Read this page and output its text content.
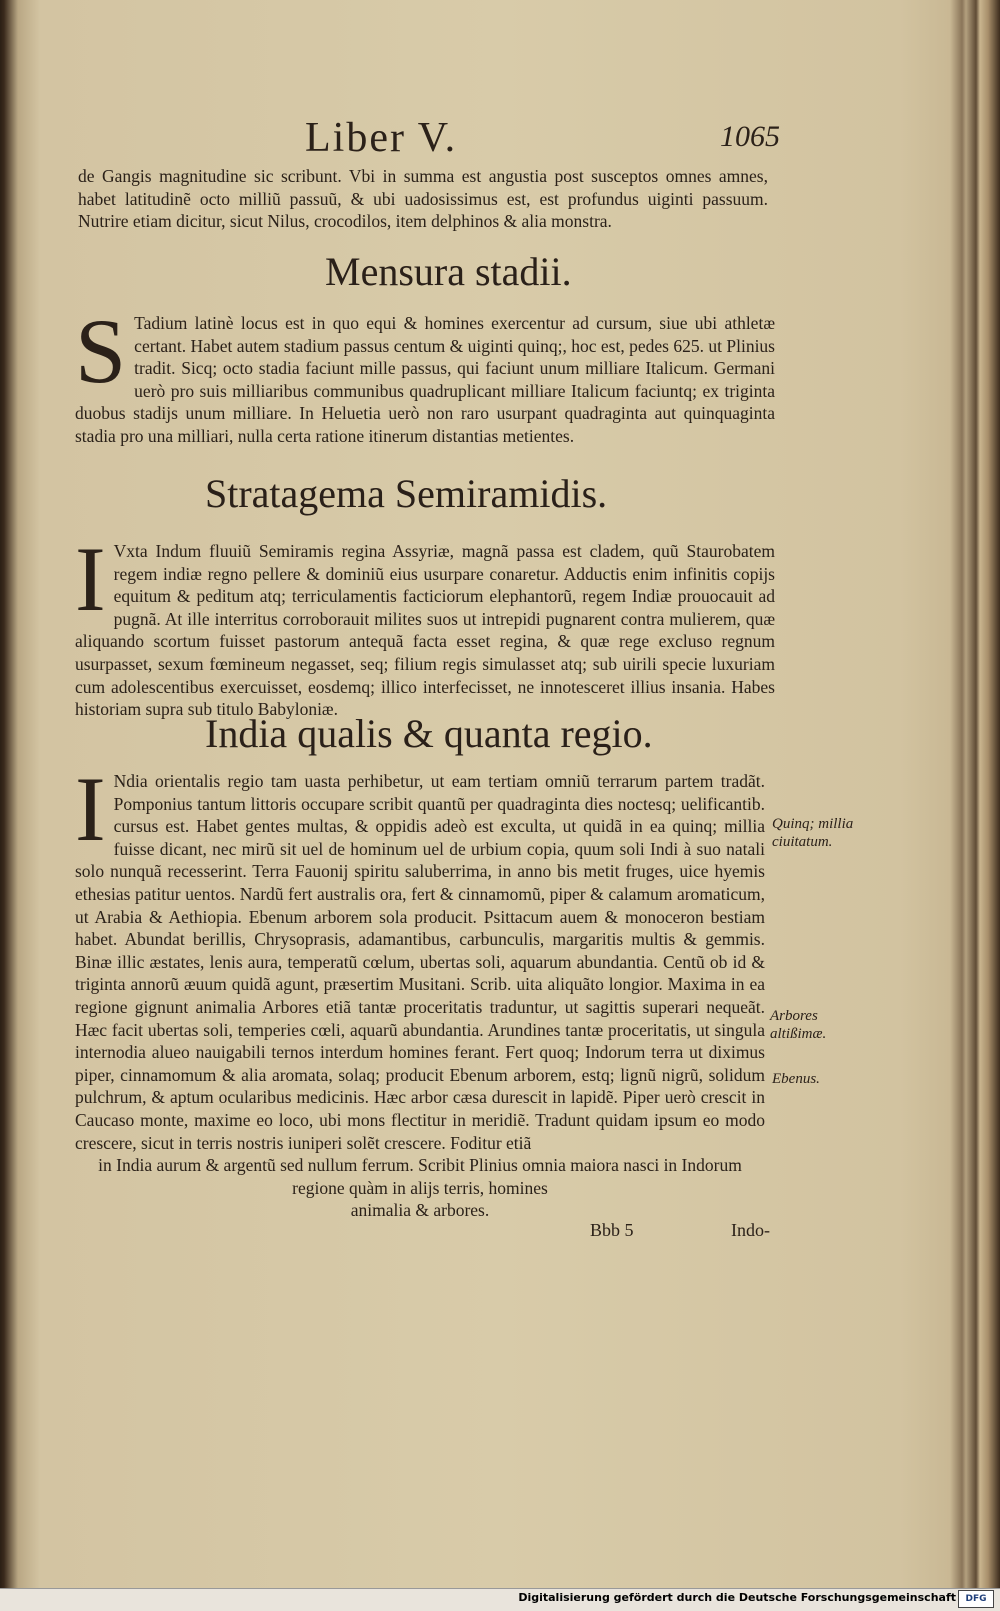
Liber V.	1065
de Gangis magnitudine sic scribunt. Vbi in summa est angustia post susceptos omnes amnes, habet latitudinẽ octo milliũ passuũ, & ubi uadosissimus est, est profundus uiginti passuum. Nutrire etiam dicitur, sicut Nilus, crocodilos, item delphinos & alia monstra.
Mensura stadii.
S Tadium latinè locus est in quo equi & homines exercentur ad cursum, siue ubi athletæ certant. Habet autem stadium passus centum & uiginti quinq;, hoc est, pedes 625. ut Plinius tradit. Sicq; octo stadia faciunt mille passus, qui faciunt unum milliare Italicum. Germani uerò pro suis milliaribus communibus quadruplicant milliare Italicum faciuntq; ex triginta duobus stadijs unum milliare. In Heluetia uerò non raro usurpant quadraginta aut quinquaginta stadia pro una milliari, nulla certa ratione itinerum distantias metientes.
Stratagema Semiramidis.
I Vxta Indum fluuiũ Semiramis regina Assyriæ, magnã passa est cladem, quũ Staurobatem regem indiæ regno pellere & dominiũ eius usurpare conaretur. Adductis enim infinitis copijs equitum & peditum atq; terriculamentis facticiorum elephantorũ, regem Indiæ prouocauit ad pugnã. At ille interritus corroborauit milites suos ut intrepidi pugnarent contra mulierem, quæ aliquando scortum fuisset pastorum antequã facta esset regina, & quæ rege excluso regnum usurpasset, sexum fœmineum negasset, seq; filium regis simulasset atq; sub uirili specie luxuriam cum adolescentibus exercuisset, eosdemq; illico interfecisset, ne innotesceret illius insania. Habes historiam supra sub titulo Babyloniæ.
India qualis & quanta regio.
I Ndia orientalis regio tam uasta perhibetur, ut eam tertiam omniũ terrarum partem tradãt. Pomponius tantum littoris occupare scribit quantũ per quadraginta dies noctesq; uelificantib. cursus est. Habet gentes multas, & oppidis adeò est exculta, ut quidã in ea quinq; millia fuisse dicant, nec mirũ sit uel de hominum uel de urbium copia, quum soli Indi à suo natali solo nunquã recesserint. Terra Fauonij spiritu saluberrima, in anno bis metit fruges, uice hyemis ethesias patitur uentos. Nardũ fert australis ora, fert & cinnamomũ, piper & calamum aromaticum, ut Arabia & Aethiopia. Ebenum arborem sola producit. Psittacum auem & monoceron bestiam habet. Abundat berillis, Chrysoprasis, adamantibus, carbunculis, margaritis multis & gemmis. Binæ illic æstates, lenis aura, temperatũ cœlum, ubertas soli, aquarum abundantia. Centũ ob id & triginta annorũ æuum quidã agunt, præsertim Musitani. Scrib. uita aliquãto longior. Maxima in ea regione gignunt animalia Arbores etiã tantæ proceritatis traduntur, ut sagittis superari nequeãt. Hæc facit ubertas soli, temperies cœli, aquarũ abundantia. Arundines tantæ proceritatis, ut singula internodia alueo nauigabili ternos interdum homines ferant. Fert quoq; Indorum terra ut diximus piper, cinnamomum & alia aromata, solaq; producit Ebenum arborem, estq; lignũ nigrũ, solidum pulchrum, & aptum ocularibus medicinis. Hæc arbor cæsa durescit in lapidẽ. Piper uerò crescit in Caucaso monte, maxime eo loco, ubi mons flectitur in meridiẽ. Tradunt quidam ipsum eo modo crescere, sicut in terris nostris iuniperi solẽt crescere. Foditur etiã
in India aurum & argentũ sed nullum ferrum. Scribit Plinius omnia maiora nasci in Indorum regione quàm in alijs terris, homines
animalia & arbores.
Bbb 5	Indo-
Quinq; millia ciuitatum.
Arbores altißimæ.
Ebenus.
Digitalisierung gefördert durch die Deutsche Forschungsgemeinschaft	DFG
